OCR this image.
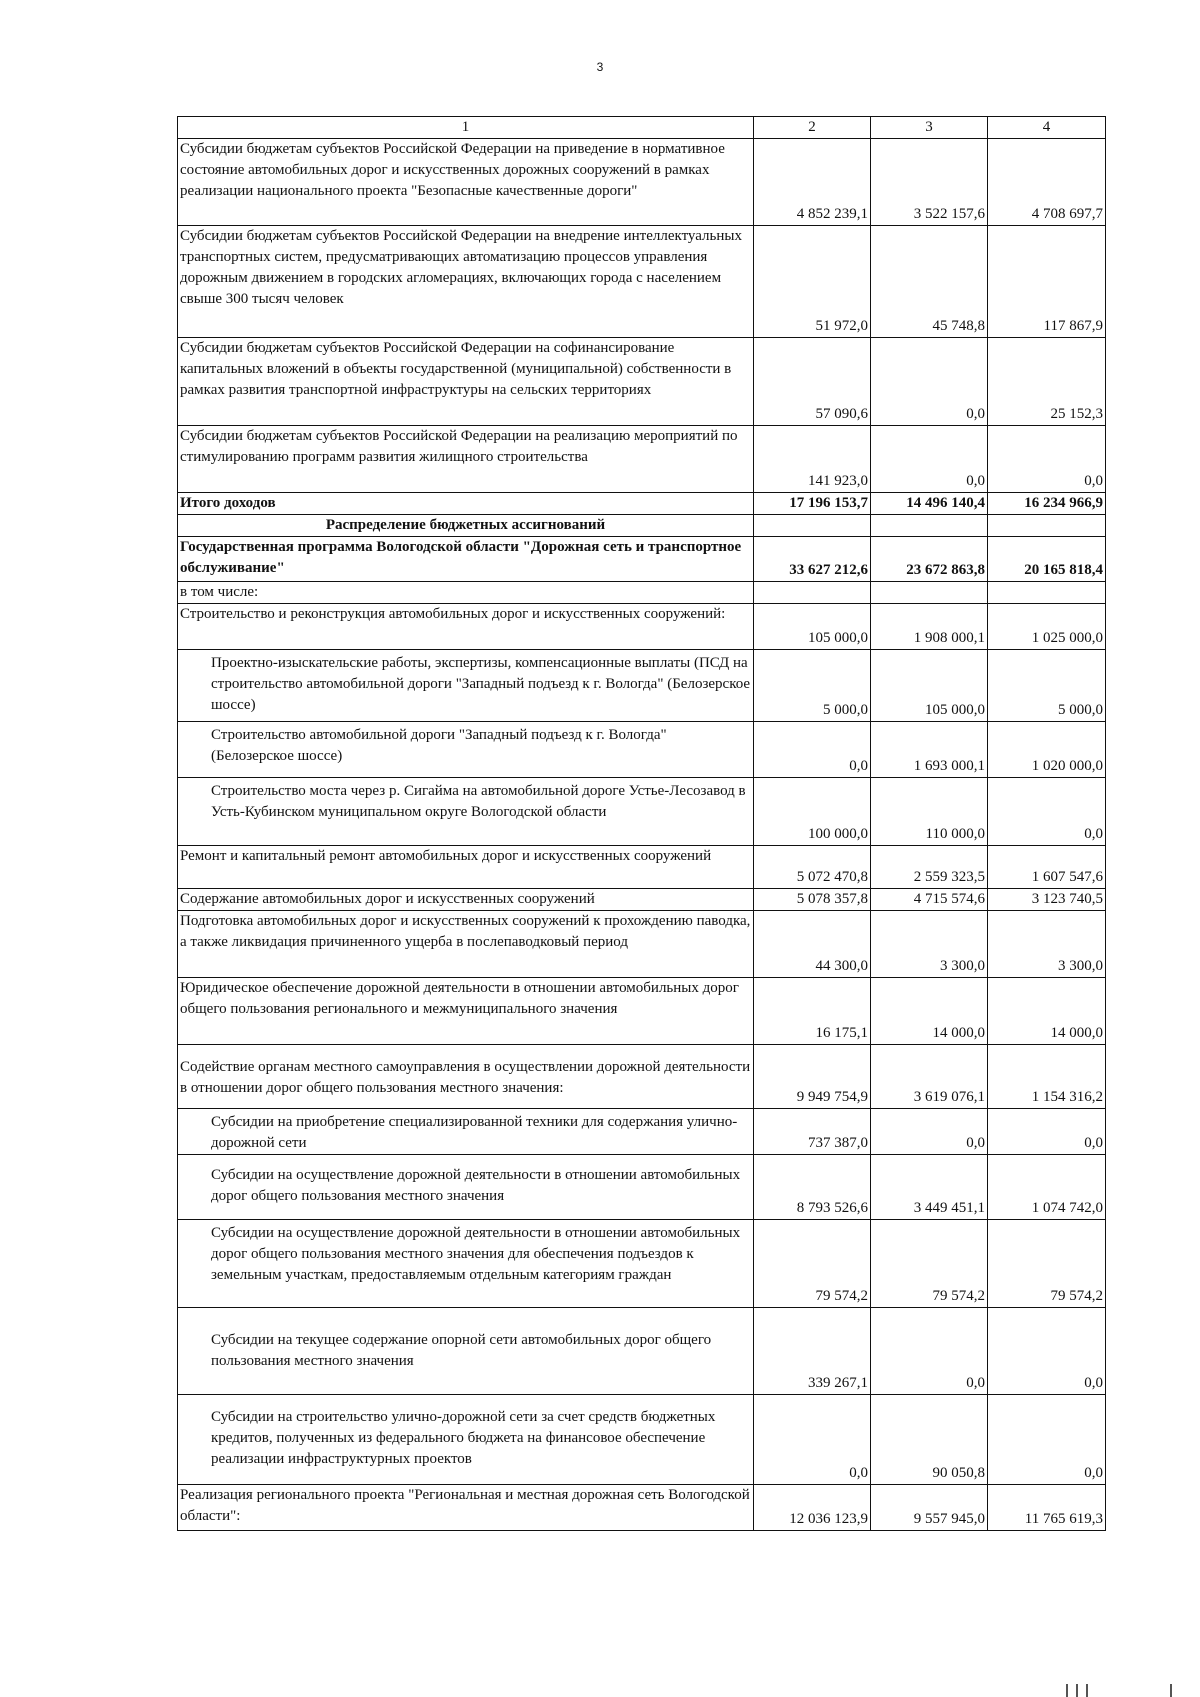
3
1	2	3	4
Субсидии бюджетам субъектов Российской Федерации на приведение в нормативное состояние автомобильных дорог и искусственных дорожных сооружений в рамках реализации национального проекта "Безопасные качественные дороги"	4 852 239,1	3 522 157,6	4 708 697,7
Субсидии бюджетам субъектов Российской Федерации на внедрение интеллектуальных транспортных систем, предусматривающих автоматизацию процессов управления дорожным движением в городских агломерациях, включающих города с населением свыше 300 тысяч человек	51 972,0	45 748,8	117 867,9
Субсидии бюджетам субъектов Российской Федерации на софинансирование капитальных вложений в объекты государственной (муниципальной) собственности в рамках развития транспортной инфраструктуры на сельских территориях	57 090,6	0,0	25 152,3
Субсидии бюджетам субъектов Российской Федерации на реализацию мероприятий по стимулированию программ развития жилищного строительства	141 923,0	0,0	0,0
Итого доходов	17 196 153,7	14 496 140,4	16 234 966,9
Распределение бюджетных ассигнований			
Государственная программа Вологодской области "Дорожная сеть и транспортное обслуживание"	33 627 212,6	23 672 863,8	20 165 818,4
в том числе:			
Строительство и реконструкция автомобильных дорог и искусственных сооружений:	105 000,0	1 908 000,1	1 025 000,0
Проектно-изыскательские работы, экспертизы, компенсационные выплаты (ПСД на строительство автомобильной дороги "Западный подъезд к г. Вологда" (Белозерское шоссе)	5 000,0	105 000,0	5 000,0
Строительство автомобильной дороги "Западный подъезд к г. Вологда" (Белозерское шоссе)	0,0	1 693 000,1	1 020 000,0
Строительство моста через р. Сигайма на автомобильной дороге Устье-Лесозавод в Усть-Кубинском муниципальном округе Вологодской области	100 000,0	110 000,0	0,0
Ремонт и капитальный ремонт автомобильных дорог и искусственных сооружений	5 072 470,8	2 559 323,5	1 607 547,6
Содержание автомобильных дорог и искусственных сооружений	5 078 357,8	4 715 574,6	3 123 740,5
Подготовка автомобильных дорог и искусственных сооружений к прохождению паводка, а также ликвидация причиненного ущерба в послепаводковый период	44 300,0	3 300,0	3 300,0
Юридическое обеспечение дорожной деятельности в отношении автомобильных дорог общего пользования регионального и межмуниципального значения	16 175,1	14 000,0	14 000,0
Содействие органам местного самоуправления в осуществлении дорожной деятельности в отношении дорог общего пользования местного значения:	9 949 754,9	3 619 076,1	1 154 316,2
Субсидии на приобретение специализированной техники для содержания улично-дорожной сети	737 387,0	0,0	0,0
Субсидии на осуществление дорожной деятельности в отношении автомобильных дорог общего пользования местного значения	8 793 526,6	3 449 451,1	1 074 742,0
Субсидии на осуществление дорожной деятельности в отношении автомобильных дорог общего пользования местного значения для обеспечения подъездов к земельным участкам, предоставляемым отдельным категориям граждан	79 574,2	79 574,2	79 574,2
Субсидии на текущее содержание опорной сети автомобильных дорог общего пользования местного значения	339 267,1	0,0	0,0
Субсидии на строительство улично-дорожной сети за счет средств бюджетных кредитов, полученных из федерального бюджета на финансовое обеспечение реализации инфраструктурных проектов	0,0	90 050,8	0,0
Реализация регионального проекта "Региональная и местная дорожная сеть Вологодской области":	12 036 123,9	9 557 945,0	11 765 619,3
